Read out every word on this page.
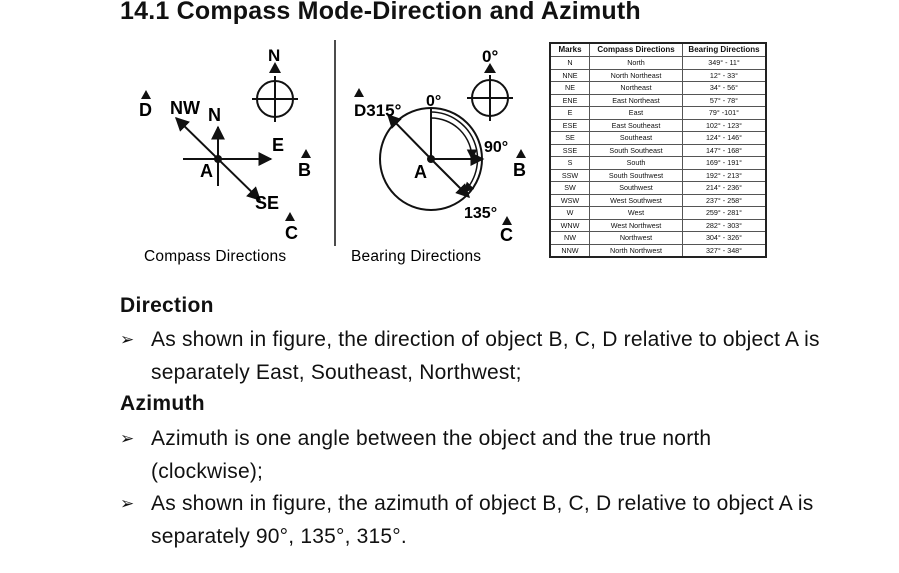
14.1 Compass Mode-Direction and Azimuth
N
D NW N
A
E
B
SE
C
Compass Directions
0°
D315° 0°
90°
A	B
135°
C
Bearing Directions
Marks	Compass Directions	Bearing Directions
N	North	349° - 11°
NNE	North Northeast	12° - 33°
NE	Northeast	34° - 56°
ENE	East Northeast	57° - 78°
E	East	79° -101°
ESE	East Southeast	102° - 123°
SE	Southeast	124° - 146°
SSE	South Southeast	147° - 168°
S	South	169° - 191°
SSW	South Southwest	192° - 213°
SW	Southwest	214° - 236°
WSW	West Southwest	237° - 258°
W	West	259° - 281°
WNW	West Northwest	282° - 303°
NW	Northwest	304° - 326°
NNW	North Northwest	327° - 348°
Direction
➢ As shown in figure, the direction of object B, C, D relative to object A is separately East, Southeast, Northwest;
Azimuth
➢ Azimuth is one angle between the object and the true north (clockwise);
➢ As shown in figure, the azimuth of object B, C, D relative to object A is separately 90°, 135°, 315°.
